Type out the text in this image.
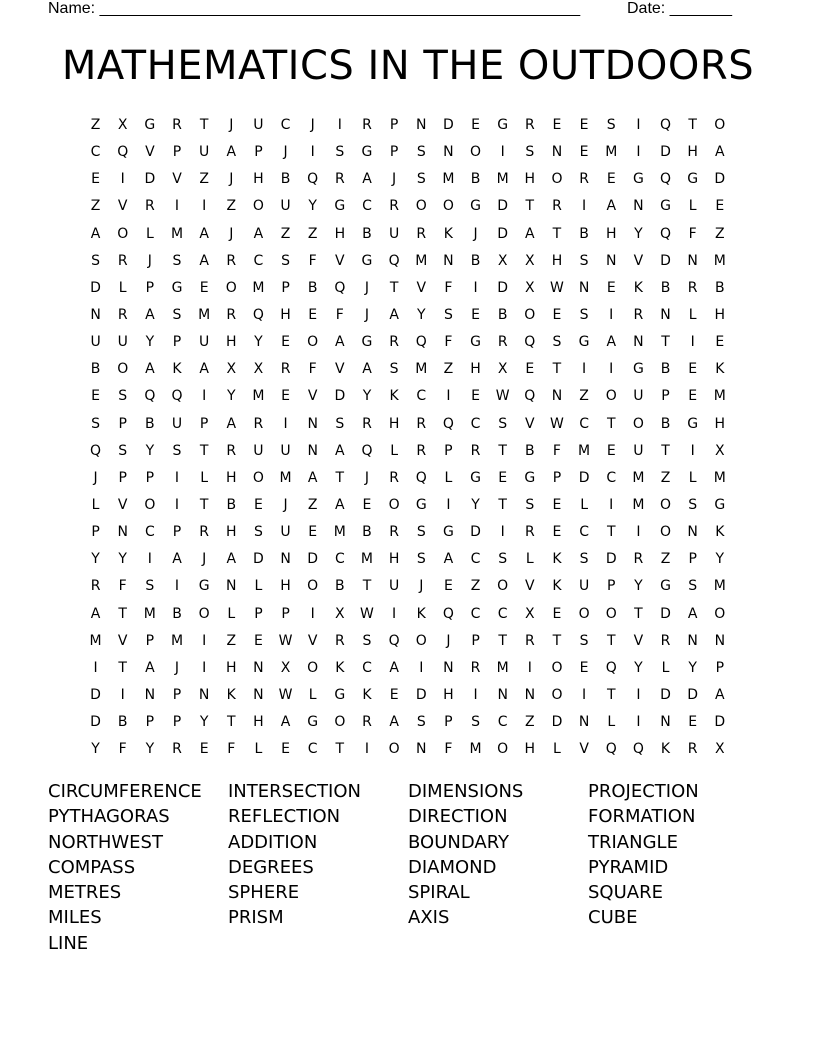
Name: ______________________________________________________	Date: _______
MATHEMATICS IN THE OUTDOORS
Z	X	G	R	T	J	U	C	J	I	R	P	N	D	E	G	R	E	E	S	I	Q	T	O
C	Q	V	P	U	A	P	J	I	S	G	P	S	N	O	I	S	N	E	M	I	D	H	A
E	I	D	V	Z	J	H	B	Q	R	A	J	S	M	B	M	H	O	R	E	G	Q	G	D
Z	V	R	I	I	Z	O	U	Y	G	C	R	O	O	G	D	T	R	I	A	N	G	L	E
A	O	L	M	A	J	A	Z	Z	H	B	U	R	K	J	D	A	T	B	H	Y	Q	F	Z
S	R	J	S	A	R	C	S	F	V	G	Q	M	N	B	X	X	H	S	N	V	D	N	M
D	L	P	G	E	O	M	P	B	Q	J	T	V	F	I	D	X	W	N	E	K	B	R	B
N	R	A	S	M	R	Q	H	E	F	J	A	Y	S	E	B	O	E	S	I	R	N	L	H
U	U	Y	P	U	H	Y	E	O	A	G	R	Q	F	G	R	Q	S	G	A	N	T	I	E
B	O	A	K	A	X	X	R	F	V	A	S	M	Z	H	X	E	T	I	I	G	B	E	K
E	S	Q	Q	I	Y	M	E	V	D	Y	K	C	I	E	W	Q	N	Z	O	U	P	E	M
S	P	B	U	P	A	R	I	N	S	R	H	R	Q	C	S	V	W	C	T	O	B	G	H
Q	S	Y	S	T	R	U	U	N	A	Q	L	R	P	R	T	B	F	M	E	U	T	I	X
J	P	P	I	L	H	O	M	A	T	J	R	Q	L	G	E	G	P	D	C	M	Z	L	M
L	V	O	I	T	B	E	J	Z	A	E	O	G	I	Y	T	S	E	L	I	M	O	S	G
P	N	C	P	R	H	S	U	E	M	B	R	S	G	D	I	R	E	C	T	I	O	N	K
Y	Y	I	A	J	A	D	N	D	C	M	H	S	A	C	S	L	K	S	D	R	Z	P	Y
R	F	S	I	G	N	L	H	O	B	T	U	J	E	Z	O	V	K	U	P	Y	G	S	M
A	T	M	B	O	L	P	P	I	X	W	I	K	Q	C	C	X	E	O	O	T	D	A	O
M	V	P	M	I	Z	E	W	V	R	S	Q	O	J	P	T	R	T	S	T	V	R	N	N
I	T	A	J	I	H	N	X	O	K	C	A	I	N	R	M	I	O	E	Q	Y	L	Y	P
D	I	N	P	N	K	N	W	L	G	K	E	D	H	I	N	N	O	I	T	I	D	D	A
D	B	P	P	Y	T	H	A	G	O	R	A	S	P	S	C	Z	D	N	L	I	N	E	D
Y	F	Y	R	E	F	L	E	C	T	I	O	N	F	M	O	H	L	V	Q	Q	K	R	X
CIRCUMFERENCE	INTERSECTION	DIMENSIONS	PROJECTION
PYTHAGORAS	REFLECTION	DIRECTION	FORMATION
NORTHWEST	ADDITION	BOUNDARY	TRIANGLE
COMPASS	DEGREES	DIAMOND	PYRAMID
METRES	SPHERE	SPIRAL	SQUARE
MILES	PRISM	AXIS	CUBE
LINE
